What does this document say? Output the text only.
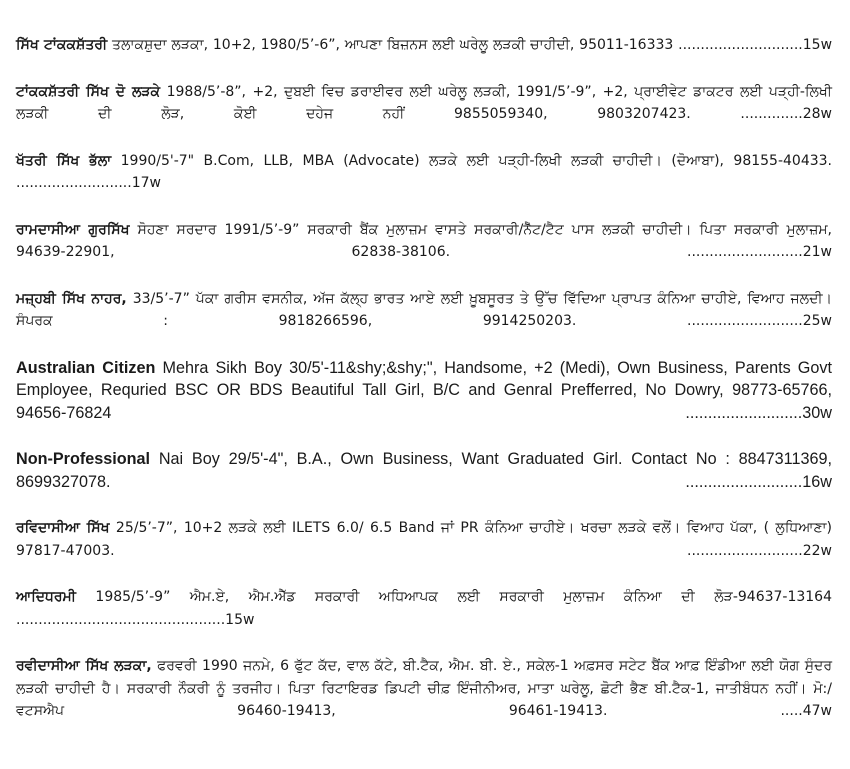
ਸਿੱਖ ਟਾਂਕਕਸ਼ੱਤਰੀ ਤਲਾਕਸ਼ੁਦਾ ਲੜਕਾ, 10+2, 1980/5’-6”, ਆਪਣਾ ਬਿਜ਼ਨਸ ਲਈ ਘਰੇਲੂ ਲੜਕੀ ਚਾਹੀਦੀ, 95011-16333 ............................15w

ਟਾਂਕਕਸ਼ੱਤਰੀ ਸਿੱਖ ਦੋ ਲੜਕੇ 1988/5’-8”, +2, ਦੁਬਈ ਵਿਚ ਡਰਾਈਵਰ ਲਈ ਘਰੇਲੂ ਲੜਕੀ, 1991/5’-9”, +2, ਪ੍ਰਾਈਵੇਟ ਡਾਕਟਰ ਲਈ ਪੜ੍ਹੀ-ਲਿਖੀ ਲੜਕੀ ਦੀ ਲੋੜ, ਕੋਈ ਦਹੇਜ ਨਹੀਂ 9855059340, 9803207423.	..............28w

ਖੱਤਰੀ ਸਿੱਖ ਭੱਲਾ 1990/5'-7" B.Com, LLB, MBA (Advocate) ਲੜਕੇ ਲਈ ਪੜ੍ਹੀ-ਲਿਖੀ ਲੜਕੀ ਚਾਹੀਦੀ। (ਦੋਆਬਾ), 98155-40433. ..........................17w

ਰਾਮਦਾਸੀਆ ਗੁਰਸਿੱਖ ਸੋਹਣਾ ਸਰਦਾਰ 1991/5’-9” ਸਰਕਾਰੀ ਬੈਂਕ ਮੁਲਾਜ਼ਮ ਵਾਸਤੇ ਸਰਕਾਰੀ/ਨੈੱਟ/ਟੈਟ ਪਾਸ ਲੜਕੀ ਚਾਹੀਦੀ। ਪਿਤਾ ਸਰਕਾਰੀ ਮੁਲਾਜ਼ਮ, 94639-22901, 62838-38106.	..........................21w

ਮਜ਼੍ਹਬੀ ਸਿੱਖ ਨਾਹਰ, 33/5’-7” ਪੱਕਾ ਗਰੀਸ ਵਸਨੀਕ, ਅੱਜ ਕੱਲ੍ਹ ਭਾਰਤ ਆਏ ਲਈ ਖ਼ੂਬਸੂਰਤ ਤੇ ਉੱਚ ਵਿੱਦਿਆ ਪ੍ਰਾਪਤ ਕੰਨਿਆ ਚਾਹੀਏ, ਵਿਆਹ ਜਲਦੀ। ਸੰਪਰਕ : 9818266596, 9914250203.	..........................25w

Australian Citizen Mehra Sikh Boy 30/5'-11&shy;&shy;", Handsome, +2 (Medi), Own Business, Parents Govt Employee, Requried BSC OR BDS Beautiful Tall Girl, B/C and Genral Prefferred, No Dowry, 98773-65766, 94656-76824	..........................30w

Non-Professional Nai Boy 29/5'-4", B.A., Own Business, Want Graduated Girl. Contact No : 8847311369, 8699327078.	..........................16w

ਰਵਿਦਾਸੀਆ ਸਿੱਖ 25/5’-7”, 10+2 ਲੜਕੇ ਲਈ ILETS 6.0/ 6.5 Band ਜਾਂ PR ਕੰਨਿਆ ਚਾਹੀਏ। ਖਰਚਾ ਲੜਕੇ ਵਲੋਂ। ਵਿਆਹ ਪੱਕਾ, ( ਲੁਧਿਆਣਾ) 97817-47003.	..........................22w

ਆਦਿਧਰਮੀ 1985/5’-9” ਐਮ.ਏ, ਐਮ.ਐੱਡ ਸਰਕਾਰੀ ਅਧਿਆਪਕ ਲਈ ਸਰਕਾਰੀ ਮੁਲਾਜ਼ਮ ਕੰਨਿਆ ਦੀ ਲੋੜ-94637-13164 ...............................................15w

ਰਵੀਦਾਸੀਆ ਸਿੱਖ ਲੜਕਾ, ਫਰਵਰੀ 1990 ਜਨਮੇ, 6 ਫੁੱਟ ਕੱਦ, ਵਾਲ ਕੱਟੇ, ਬੀ.ਟੈਕ, ਐਮ. ਬੀ. ਏ., ਸਕੇਲ-1 ਅਫ਼ਸਰ ਸਟੇਟ ਬੈਂਕ ਆਫ਼ ਇੰਡੀਆ ਲਈ ਯੋਗ ਸੁੰਦਰ ਲੜਕੀ ਚਾਹੀਦੀ ਹੈ। ਸਰਕਾਰੀ ਨੌਕਰੀ ਨੂੰ ਤਰਜੀਹ। ਪਿਤਾ ਰਿਟਾਇਰਡ ਡਿਪਟੀ ਚੀਫ਼ ਇੰਜੀਨੀਅਰ, ਮਾਤਾ ਘਰੇਲੂ, ਛੋਟੀ ਭੈਣ ਬੀ.ਟੈਕ-1, ਜਾਤੀਬੰਧਨ ਨਹੀਂ। ਮੋ:/ਵਟਸਐਪ 96460-19413, 96461-19413.	.....47w
